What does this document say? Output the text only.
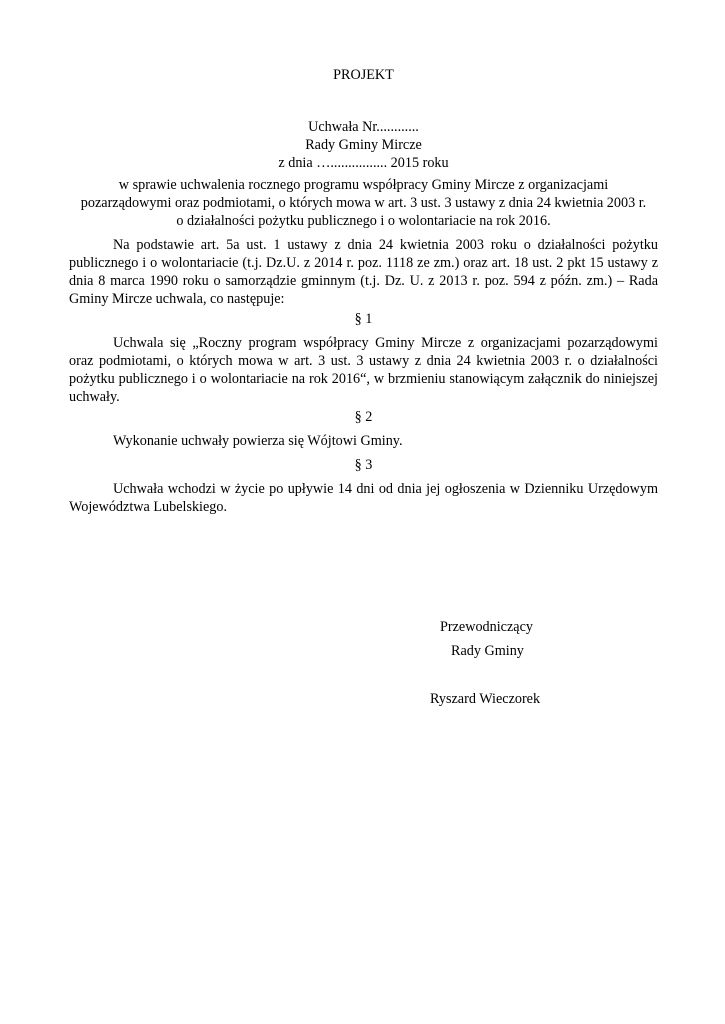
PROJEKT
Uchwała Nr............
Rady Gminy Mircze
z dnia …................ 2015 roku
w sprawie uchwalenia rocznego programu współpracy Gminy Mircze z organizacjami
pozarządowymi oraz podmiotami, o których mowa w art. 3 ust. 3 ustawy z dnia 24 kwietnia 2003 r.
o działalności pożytku publicznego i o wolontariacie na rok 2016.
Na podstawie art. 5a ust. 1 ustawy z dnia 24 kwietnia 2003 roku o działalności pożytku publicznego i o wolontariacie (t.j. Dz.U. z 2014 r. poz. 1118 ze zm.) oraz art. 18 ust. 2 pkt 15 ustawy z dnia 8 marca 1990 roku o samorządzie gminnym (t.j. Dz. U. z 2013 r. poz. 594 z późn. zm.) – Rada Gminy Mircze uchwala, co następuje:
§ 1
Uchwala się „Roczny program współpracy Gminy Mircze z organizacjami pozarządowymi oraz podmiotami, o których mowa w art. 3 ust. 3 ustawy z dnia 24 kwietnia 2003 r. o działalności pożytku publicznego i o wolontariacie na rok 2016“, w brzmieniu stanowiącym załącznik do niniejszej uchwały.
§ 2
Wykonanie uchwały powierza się Wójtowi Gminy.
§ 3
Uchwała wchodzi w życie po upływie 14 dni od dnia jej ogłoszenia w Dzienniku Urzędowym Województwa Lubelskiego.
Przewodniczący
Rady Gminy
Ryszard Wieczorek
